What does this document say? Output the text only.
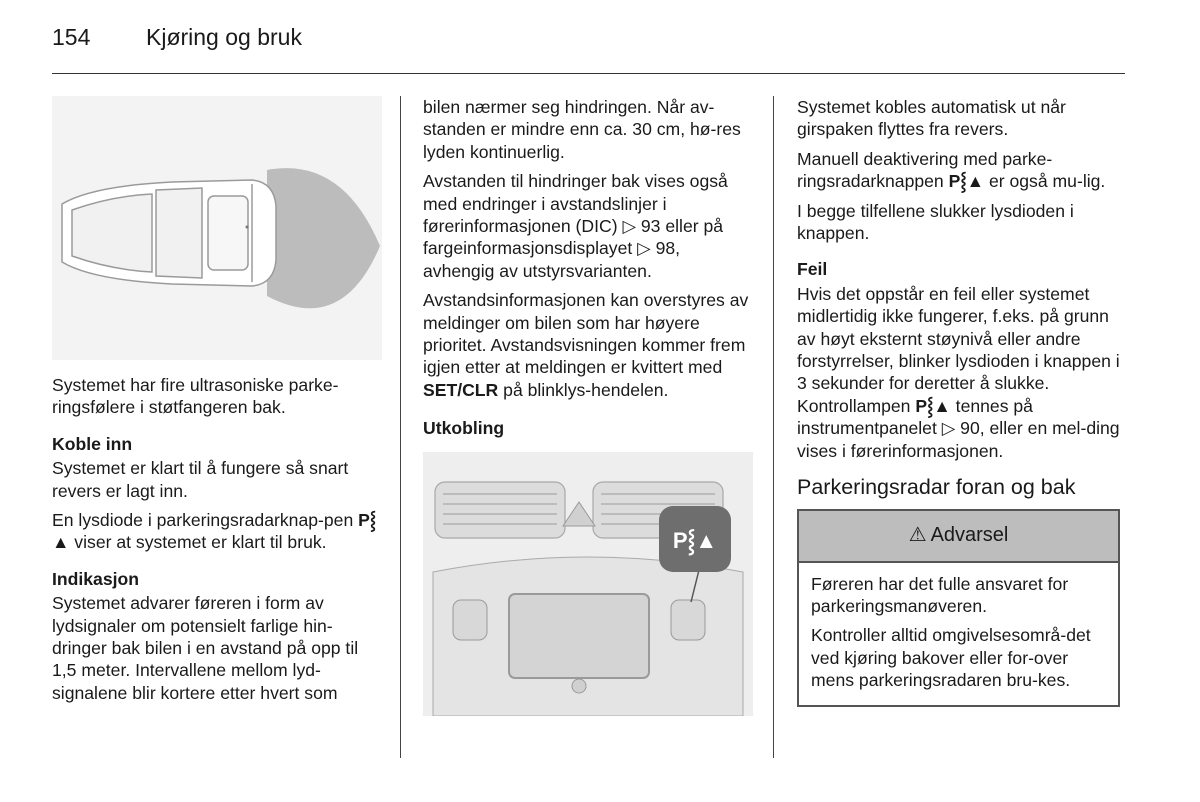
154 Kjøring og bruk

Systemet har fire ultrasoniske parke-ringsfølere i støtfangeren bak.

Koble inn

Systemet er klart til å fungere så snart revers er lagt inn.

En lysdiode i parkeringsradarknap-pen P⸾▲ viser at systemet er klart til bruk.

Indikasjon

Systemet advarer føreren i form av lydsignaler om potensielt farlige hin-dringer bak bilen i en avstand på opp til 1,5 meter. Intervallene mellom lyd-signalene blir kortere etter hvert som

bilen nærmer seg hindringen. Når av-standen er mindre enn ca. 30 cm, hø-res lyden kontinuerlig.

Avstanden til hindringer bak vises også med endringer i avstandslinjer i førerinformasjonen (DIC) ▷ 93 eller på fargeinformasjonsdisplayet ▷ 98, avhengig av utstyrsvarianten.

Avstandsinformasjonen kan overstyres av meldinger om bilen som har høyere prioritet. Avstandsvisningen kommer frem igjen etter at meldingen er kvittert med SET/CLR på blinklys-hendelen.

Utkobling
P⸾▲

Systemet kobles automatisk ut når girspaken flyttes fra revers.

Manuell deaktivering med parke-ringsradarknappen P⸾▲ er også mu-lig.

I begge tilfellene slukker lysdioden i knappen.

Feil

Hvis det oppstår en feil eller systemet midlertidig ikke fungerer, f.eks. på grunn av høyt eksternt støynivå eller andre forstyrrelser, blinker lysdioden i knappen i 3 sekunder for deretter å slukke. Kontrollampen P⸾▲ tennes på instrumentpanelet ▷ 90, eller en mel-ding vises i førerinformasjonen.

Parkeringsradar foran og bak
⚠ Advarsel

Føreren har det fulle ansvaret for parkeringsmanøveren.

Kontroller alltid omgivelsesområ-det ved kjøring bakover eller for-over mens parkeringsradaren bru-kes.
